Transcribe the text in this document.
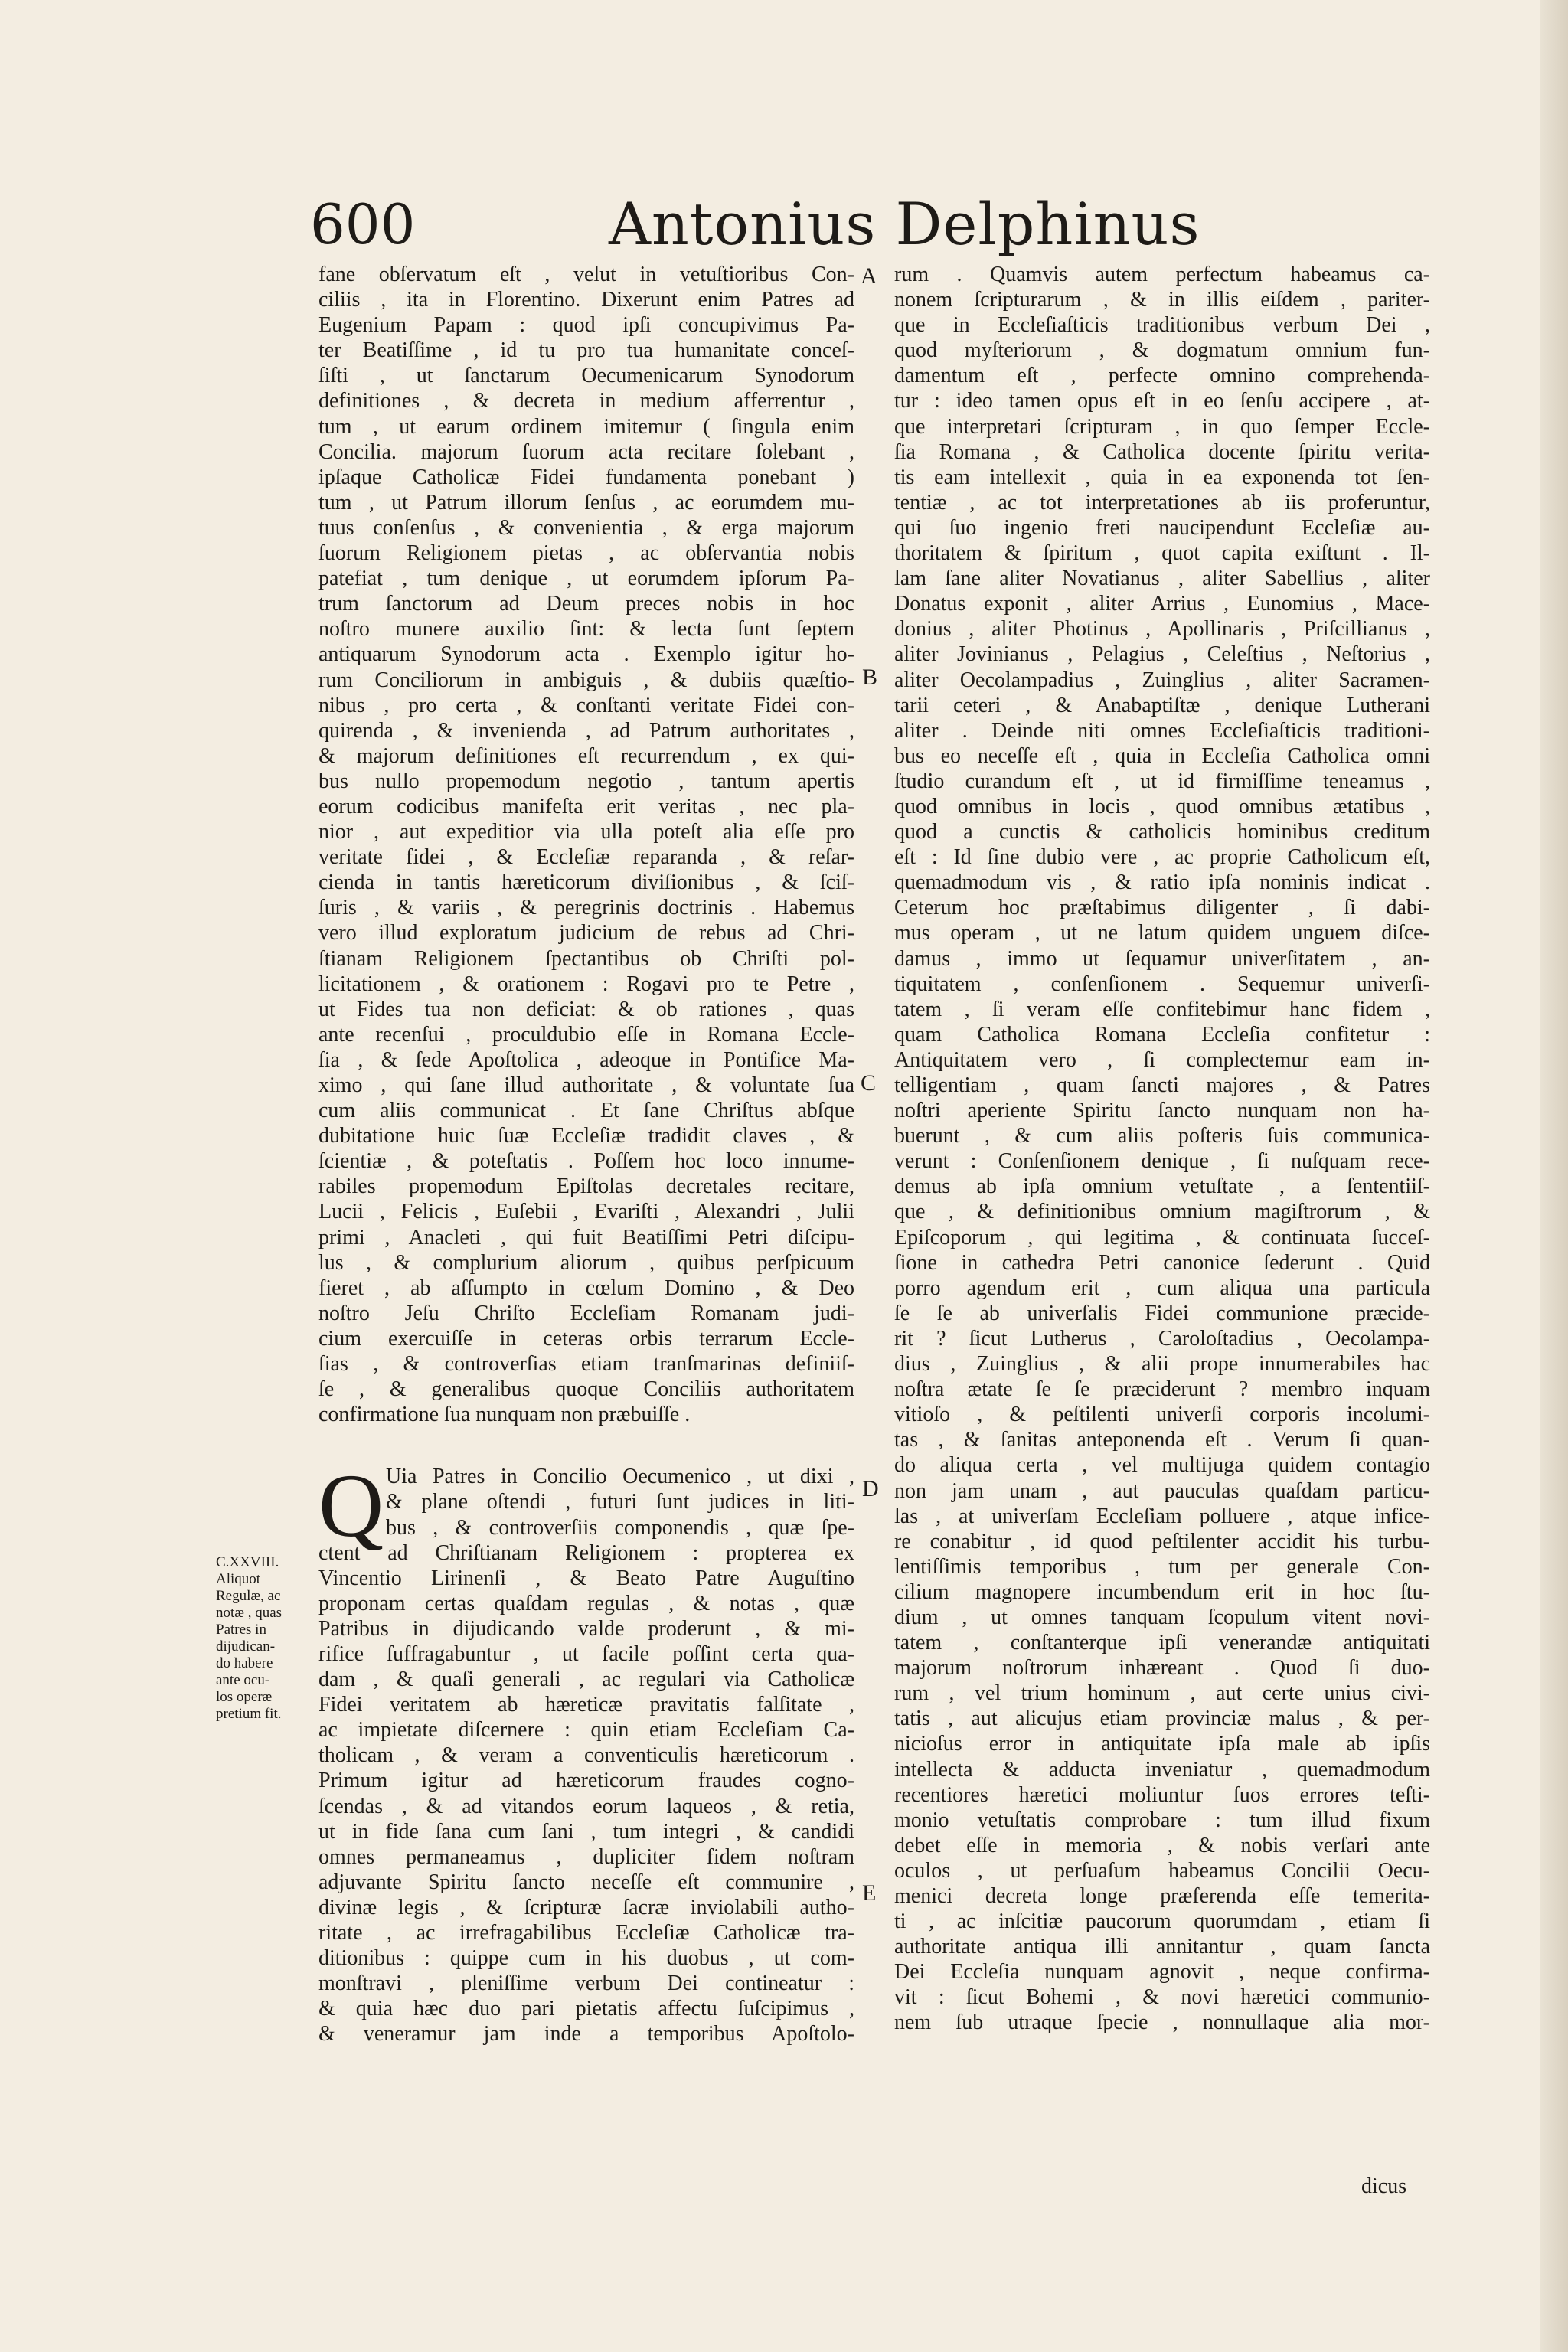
600	Antonius Delphinus
A
B
C
D
E
C.XXVIII.
Aliquot
Regulæ, ac
notæ , quas
Patres in
dijudican-
do habere
ante ocu-
los operæ
pretium fit.
fane obſervatum eſt , velut in vetuſtioribus Con-
ciliis , ita in Florentino. Dixerunt enim Patres ad
Eugenium Papam : quod ipſi concupivimus Pa-
ter Beatiſſime , id tu pro tua humanitate conceſ-
ſiſti , ut ſanctarum Oecumenicarum Synodorum
definitiones , & decreta in medium afferrentur ,
tum , ut earum ordinem imitemur ( ſingula enim
Concilia. majorum ſuorum acta recitare ſolebant ,
ipſaque Catholicæ Fidei fundamenta ponebant )
tum , ut Patrum illorum ſenſus , ac eorumdem mu-
tuus conſenſus , & convenientia , & erga majorum
ſuorum Religionem pietas , ac obſervantia nobis
patefiat , tum denique , ut eorumdem ipſorum Pa-
trum ſanctorum ad Deum preces nobis in hoc
noſtro munere auxilio ſint: & lecta ſunt ſeptem
antiquarum Synodorum acta . Exemplo igitur ho-
rum Conciliorum in ambiguis , & dubiis quæſtio-
nibus , pro certa , & conſtanti veritate Fidei con-
quirenda , & invenienda , ad Patrum authoritates ,
& majorum definitiones eſt recurrendum , ex qui-
bus nullo propemodum negotio , tantum apertis
eorum codicibus manifeſta erit veritas , nec pla-
nior , aut expeditior via ulla poteſt alia eſſe pro
veritate fidei , & Eccleſiæ reparanda , & reſar-
cienda in tantis hæreticorum diviſionibus , & ſciſ-
ſuris , & variis , & peregrinis doctrinis . Habemus
vero illud exploratum judicium de rebus ad Chri-
ſtianam Religionem ſpectantibus ob Chriſti pol-
licitationem , & orationem : Rogavi pro te Petre ,
ut Fides tua non deficiat: & ob rationes , quas
ante recenſui , proculdubio eſſe in Romana Eccle-
ſia , & ſede Apoſtolica , adeoque in Pontifice Ma-
ximo , qui ſane illud authoritate , & voluntate ſua
cum aliis communicat . Et ſane Chriſtus abſque
dubitatione huic ſuæ Eccleſiæ tradidit claves , &
ſcientiæ , & poteſtatis . Poſſem hoc loco innume-
rabiles propemodum Epiſtolas decretales recitare,
Lucii , Felicis , Euſebii , Evariſti , Alexandri , Julii
primi , Anacleti , qui fuit Beatiſſimi Petri diſcipu-
lus , & complurium aliorum , quibus perſpicuum
fieret , ab aſſumpto in cœlum Domino , & Deo
noſtro Jeſu Chriſto Eccleſiam Romanam judi-
cium exercuiſſe in ceteras orbis terrarum Eccle-
ſias , & controverſias etiam tranſmarinas definiiſ-
ſe , & generalibus quoque Conciliis authoritatem
confirmatione ſua nunquam non præbuiſſe .
Q Uia Patres in Concilio Oecumenico , ut dixi ,
& plane oſtendi , futuri ſunt judices in liti-
bus , & controverſiis componendis , quæ ſpe-
ctent ad Chriſtianam Religionem : propterea ex
Vincentio Lirinenſi , & Beato Patre Auguſtino
proponam certas quaſdam regulas , & notas , quæ
Patribus in dijudicando valde proderunt , & mi-
rifice ſuffragabuntur , ut facile poſſint certa qua-
dam , & quaſi generali , ac regulari via Catholicæ
Fidei veritatem ab hæreticæ pravitatis falſitate ,
ac impietate diſcernere : quin etiam Eccleſiam Ca-
tholicam , & veram a conventiculis hæreticorum .
Primum igitur ad hæreticorum fraudes cogno-
ſcendas , & ad vitandos eorum laqueos , & retia,
ut in fide ſana cum ſani , tum integri , & candidi
omnes permaneamus , dupliciter fidem noſtram
adjuvante Spiritu ſancto neceſſe eſt communire ,
divinæ legis , & ſcripturæ ſacræ inviolabili autho-
ritate , ac irrefragabilibus Eccleſiæ Catholicæ tra-
ditionibus : quippe cum in his duobus , ut com-
monſtravi , pleniſſime verbum Dei contineatur :
& quia hæc duo pari pietatis affectu ſuſcipimus ,
& veneramur jam inde a temporibus Apoſtolo-
rum . Quamvis autem perfectum habeamus ca-
nonem ſcripturarum , & in illis eiſdem , pariter-
que in Eccleſiaſticis traditionibus verbum Dei ,
quod myſteriorum , & dogmatum omnium fun-
damentum eſt , perfecte omnino comprehenda-
tur : ideo tamen opus eſt in eo ſenſu accipere , at-
que interpretari ſcripturam , in quo ſemper Eccle-
ſia Romana , & Catholica docente ſpiritu verita-
tis eam intellexit , quia in ea exponenda tot ſen-
tentiæ , ac tot interpretationes ab iis proferuntur,
qui ſuo ingenio freti naucipendunt Eccleſiæ au-
thoritatem & ſpiritum , quot capita exiſtunt . Il-
lam ſane aliter Novatianus , aliter Sabellius , aliter
Donatus exponit , aliter Arrius , Eunomius , Mace-
donius , aliter Photinus , Apollinaris , Priſcillianus ,
aliter Jovinianus , Pelagius , Celeſtius , Neſtorius ,
aliter Oecolampadius , Zuinglius , aliter Sacramen-
tarii ceteri , & Anabaptiſtæ , denique Lutherani
aliter . Deinde niti omnes Eccleſiaſticis traditioni-
bus eo neceſſe eſt , quia in Eccleſia Catholica omni
ſtudio curandum eſt , ut id firmiſſime teneamus ,
quod omnibus in locis , quod omnibus ætatibus ,
quod a cunctis & catholicis hominibus creditum
eſt : Id ſine dubio vere , ac proprie Catholicum eſt,
quemadmodum vis , & ratio ipſa nominis indicat .
Ceterum hoc præſtabimus diligenter , ſi dabi-
mus operam , ut ne latum quidem unguem diſce-
damus , immo ut ſequamur univerſitatem , an-
tiquitatem , conſenſionem . Sequemur univerſi-
tatem , ſi veram eſſe confitebimur hanc fidem ,
quam Catholica Romana Eccleſia confitetur :
Antiquitatem vero , ſi complectemur eam in-
telligentiam , quam ſancti majores , & Patres
noſtri aperiente Spiritu ſancto nunquam non ha-
buerunt , & cum aliis poſteris ſuis communica-
verunt : Conſenſionem denique , ſi nuſquam rece-
demus ab ipſa omnium vetuſtate , a ſententiiſ-
que , & definitionibus omnium magiſtrorum , &
Epiſcoporum , qui legitima , & continuata ſucceſ-
ſione in cathedra Petri canonice ſederunt . Quid
porro agendum erit , cum aliqua una particula
ſe ſe ab univerſalis Fidei communione præcide-
rit ? ſicut Lutherus , Caroloſtadius , Oecolampa-
dius , Zuinglius , & alii prope innumerabiles hac
noſtra ætate ſe ſe præciderunt ? membro inquam
vitioſo , & peſtilenti univerſi corporis incolumi-
tas , & ſanitas anteponenda eſt . Verum ſi quan-
do aliqua certa , vel multijuga quidem contagio
non jam unam , aut pauculas quaſdam particu-
las , at univerſam Eccleſiam polluere , atque infice-
re conabitur , id quod peſtilenter accidit his turbu-
lentiſſimis temporibus , tum per generale Con-
cilium magnopere incumbendum erit in hoc ſtu-
dium , ut omnes tanquam ſcopulum vitent novi-
tatem , conſtanterque ipſi venerandæ antiquitati
majorum noſtrorum inhæreant . Quod ſi duo-
rum , vel trium hominum , aut certe unius civi-
tatis , aut alicujus etiam provinciæ malus , & per-
nicioſus error in antiquitate ipſa male ab ipſis
intellecta & adducta inveniatur , quemadmodum
recentiores hæretici moliuntur ſuos errores teſti-
monio vetuſtatis comprobare : tum illud fixum
debet eſſe in memoria , & nobis verſari ante
oculos , ut perſuaſum habeamus Concilii Oecu-
menici decreta longe præferenda eſſe temerita-
ti , ac inſcitiæ paucorum quorumdam , etiam ſi
authoritate antiqua illi annitantur , quam ſancta
Dei Eccleſia nunquam agnovit , neque confirma-
vit : ſicut Bohemi , & novi hæretici communio-
nem ſub utraque ſpecie , nonnullaque alia mor-
dicus
